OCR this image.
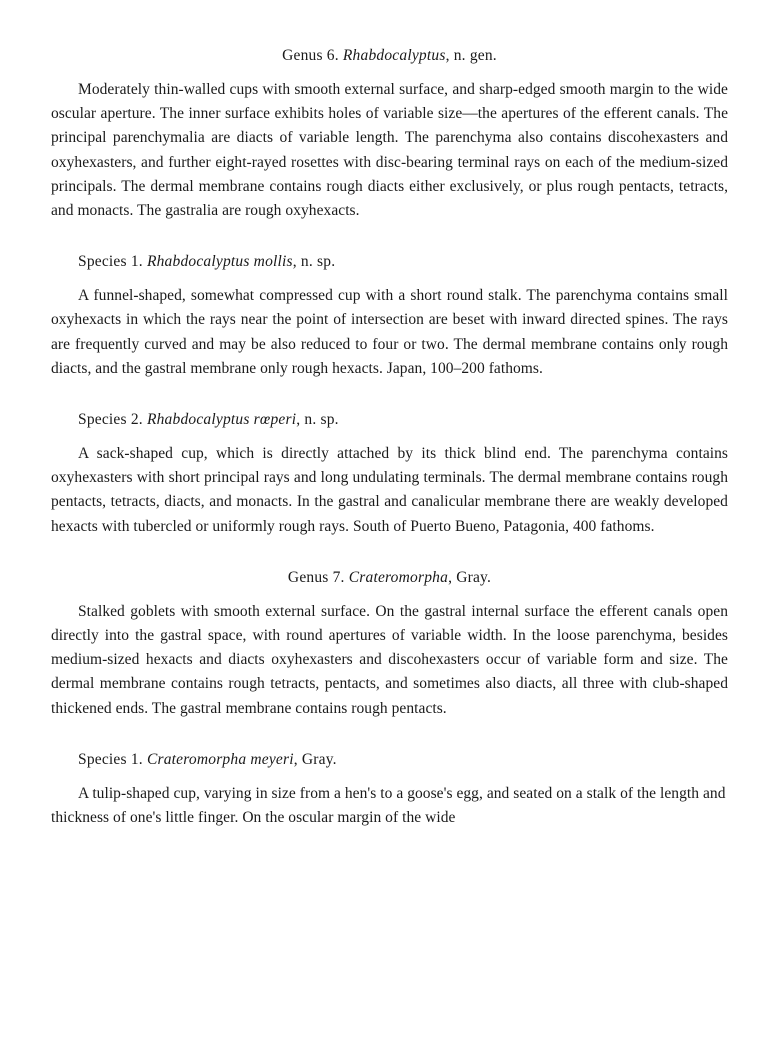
Genus 6. Rhabdocalyptus, n. gen.

Moderately thin-walled cups with smooth external surface, and sharp-edged smooth margin to the wide oscular aperture. The inner surface exhibits holes of variable size—the apertures of the efferent canals. The principal parenchymalia are diacts of variable length. The parenchyma also contains discohexasters and oxyhexasters, and further eight-rayed rosettes with disc-bearing terminal rays on each of the medium-sized principals. The dermal membrane contains rough diacts either exclusively, or plus rough pentacts, tetracts, and monacts. The gastralia are rough oxyhexacts.

Species 1. Rhabdocalyptus mollis, n. sp.

A funnel-shaped, somewhat compressed cup with a short round stalk. The parenchyma contains small oxyhexacts in which the rays near the point of intersection are beset with inward directed spines. The rays are frequently curved and may be also reduced to four or two. The dermal membrane contains only rough diacts, and the gastral membrane only rough hexacts. Japan, 100–200 fathoms.

Species 2. Rhabdocalyptus rœperi, n. sp.

A sack-shaped cup, which is directly attached by its thick blind end. The parenchyma contains oxyhexasters with short principal rays and long undulating terminals. The dermal membrane contains rough pentacts, tetracts, diacts, and monacts. In the gastral and canalicular membrane there are weakly developed hexacts with tubercled or uniformly rough rays. South of Puerto Bueno, Patagonia, 400 fathoms.

Genus 7. Crateromorpha, Gray.

Stalked goblets with smooth external surface. On the gastral internal surface the efferent canals open directly into the gastral space, with round apertures of variable width. In the loose parenchyma, besides medium-sized hexacts and diacts oxyhexasters and discohexasters occur of variable form and size. The dermal membrane contains rough tetracts, pentacts, and sometimes also diacts, all three with club-shaped thickened ends. The gastral membrane contains rough pentacts.

Species 1. Crateromorpha meyeri, Gray.

A tulip-shaped cup, varying in size from a hen's to a goose's egg, and seated on a stalk of the length and thickness of one's little finger. On the oscular margin of the wide
